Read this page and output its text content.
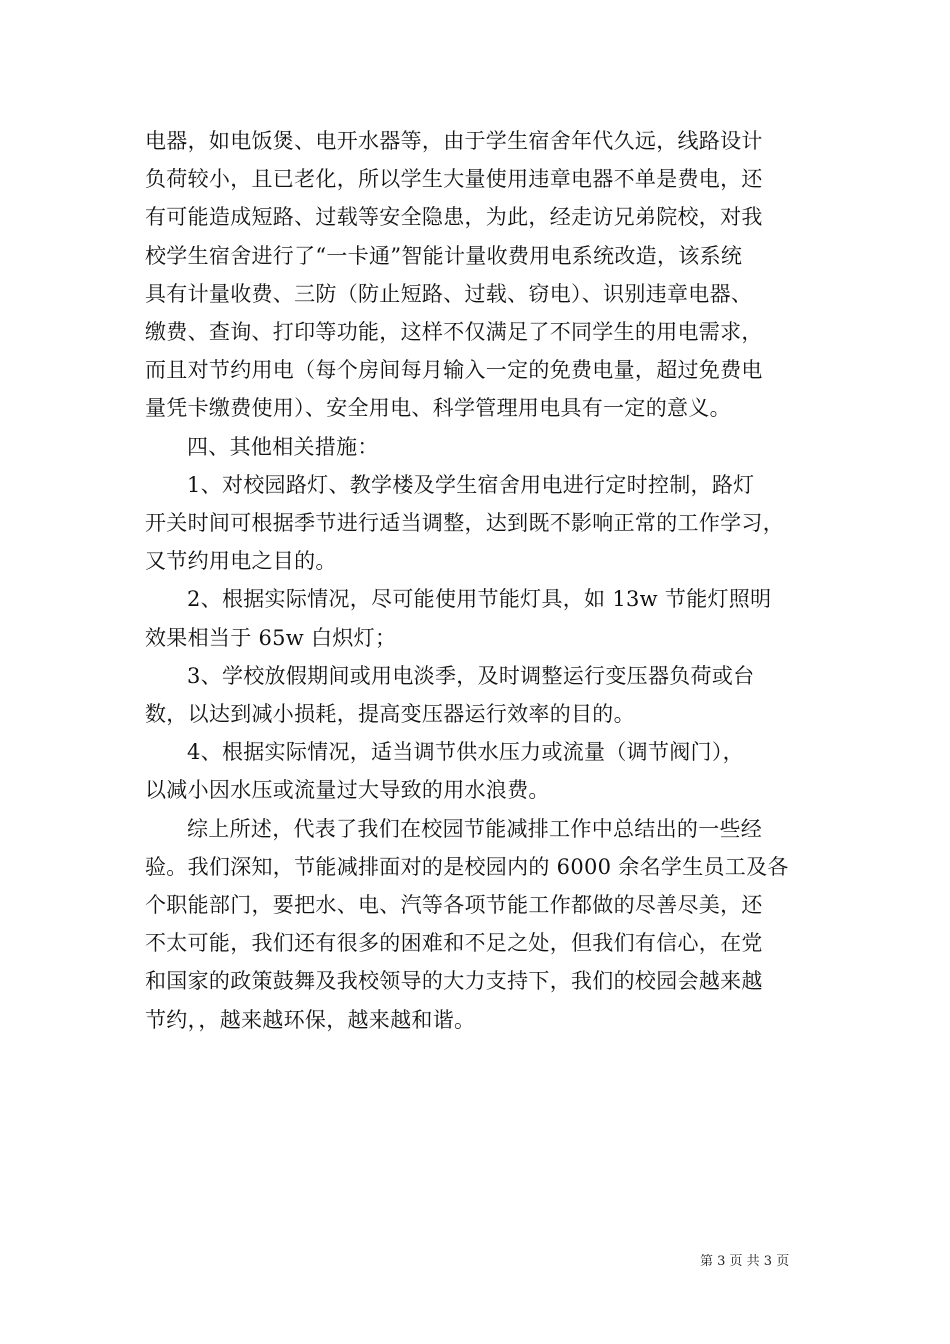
电器，如电饭煲、电开水器等，由于学生宿舍年代久远，线路设计
负荷较小，且已老化，所以学生大量使用违章电器不单是费电，还
有可能造成短路、过载等安全隐患，为此，经走访兄弟院校，对我
校学生宿舍进行了“一卡通”智能计量收费用电系统改造，该系统
具有计量收费、三防（防止短路、过载、窃电）、识别违章电器、
缴费、查询、打印等功能，这样不仅满足了不同学生的用电需求，
而且对节约用电（每个房间每月输入一定的免费电量，超过免费电
量凭卡缴费使用）、安全用电、科学管理用电具有一定的意义。

四、其他相关措施：

1、对校园路灯、教学楼及学生宿舍用电进行定时控制，路灯
开关时间可根据季节进行适当调整，达到既不影响正常的工作学习，
又节约用电之目的。

2、根据实际情况，尽可能使用节能灯具，如 13w 节能灯照明
效果相当于 65w 白炽灯；

3、学校放假期间或用电淡季，及时调整运行变压器负荷或台
数，以达到减小损耗，提高变压器运行效率的目的。

4、根据实际情况，适当调节供水压力或流量（调节阀门），
以减小因水压或流量过大导致的用水浪费。

综上所述，代表了我们在校园节能减排工作中总结出的一些经
验。我们深知，节能减排面对的是校园内的 6000 余名学生员工及各
个职能部门，要把水、电、汽等各项节能工作都做的尽善尽美，还
不太可能，我们还有很多的困难和不足之处，但我们有信心，在党
和国家的政策鼓舞及我校领导的大力支持下，我们的校园会越来越
节约，，越来越环保，越来越和谐。

第 3 页 共 3 页
